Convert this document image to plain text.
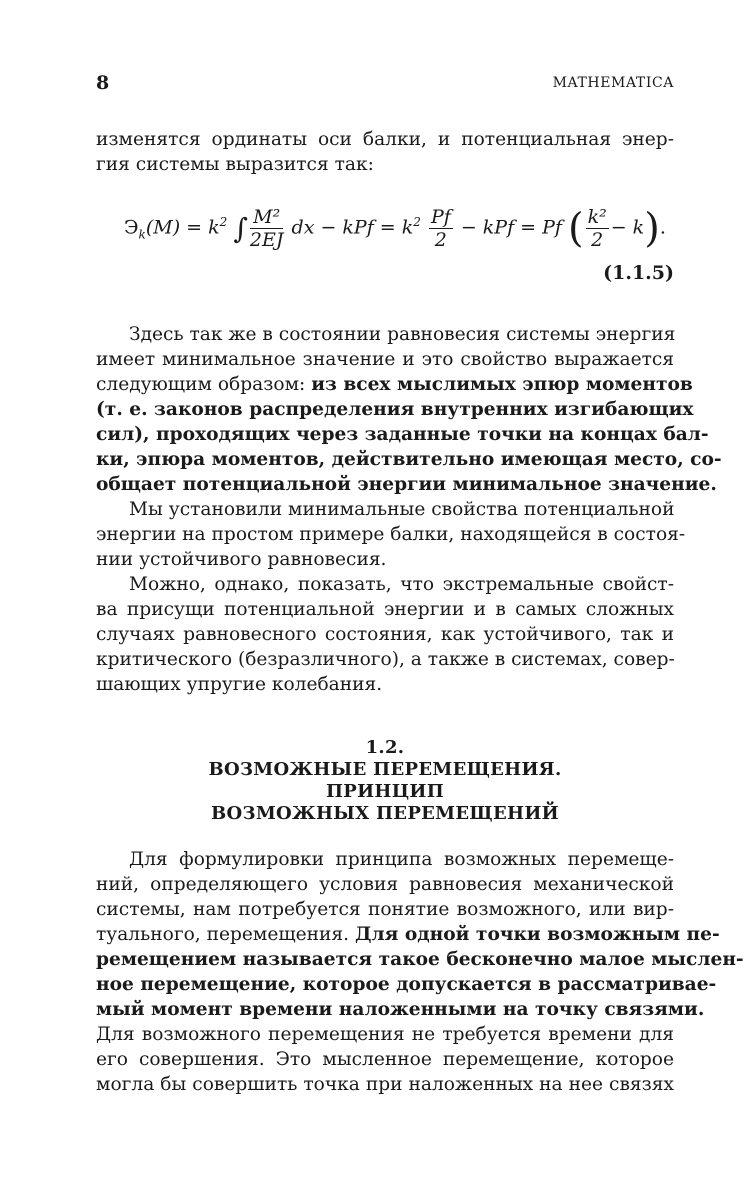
8	MATHEMATICA
изменятся ординаты оси балки, и потенциальная энер-
гия системы выразится так:
$Э_k(M) = k^2$ ∫ $\frac{\text{M²}}{2EJ}$ dx − kPf = $k^2 \frac{Pf}{2}$ − kPf = Pf ( $\frac{\text{k²}}{2} - k$).
(1.1.5)
Здесь так же в состоянии равновесия системы энергия
имеет минимальное значение и это свойство выражается
следующим образом: из всех мыслимых эпюр моментов
(т. е. законов распределения внутренних изгибающих
сил), проходящих через заданные точки на концах бал-
ки, эпюра моментов, действительно имеющая место, со-
общает потенциальной энергии минимальное значение.
Мы установили минимальные свойства потенциальной
энергии на простом примере балки, находящейся в состоя-
нии устойчивого равновесия.
Можно, однако, показать, что экстремальные свойст-
ва присущи потенциальной энергии и в самых сложных
случаях равновесного состояния, как устойчивого, так и
критического (безразличного), а также в системах, совер-
шающих упругие колебания.
1.2.
ВОЗМОЖНЫЕ ПЕРЕМЕЩЕНИЯ.
ПРИНЦИП
ВОЗМОЖНЫХ ПЕРЕМЕЩЕНИЙ
Для формулировки принципа возможных перемеще-
ний, определяющего условия равновесия механической
системы, нам потребуется понятие возможного, или вир-
туального, перемещения. Для одной точки возможным пе-
ремещением называется такое бесконечно малое мыслен-
ное перемещение, которое допускается в рассматривае-
мый момент времени наложенными на точку связями.
Для возможного перемещения не требуется времени для
его совершения. Это мысленное перемещение, которое
могла бы совершить точка при наложенных на нее связях
